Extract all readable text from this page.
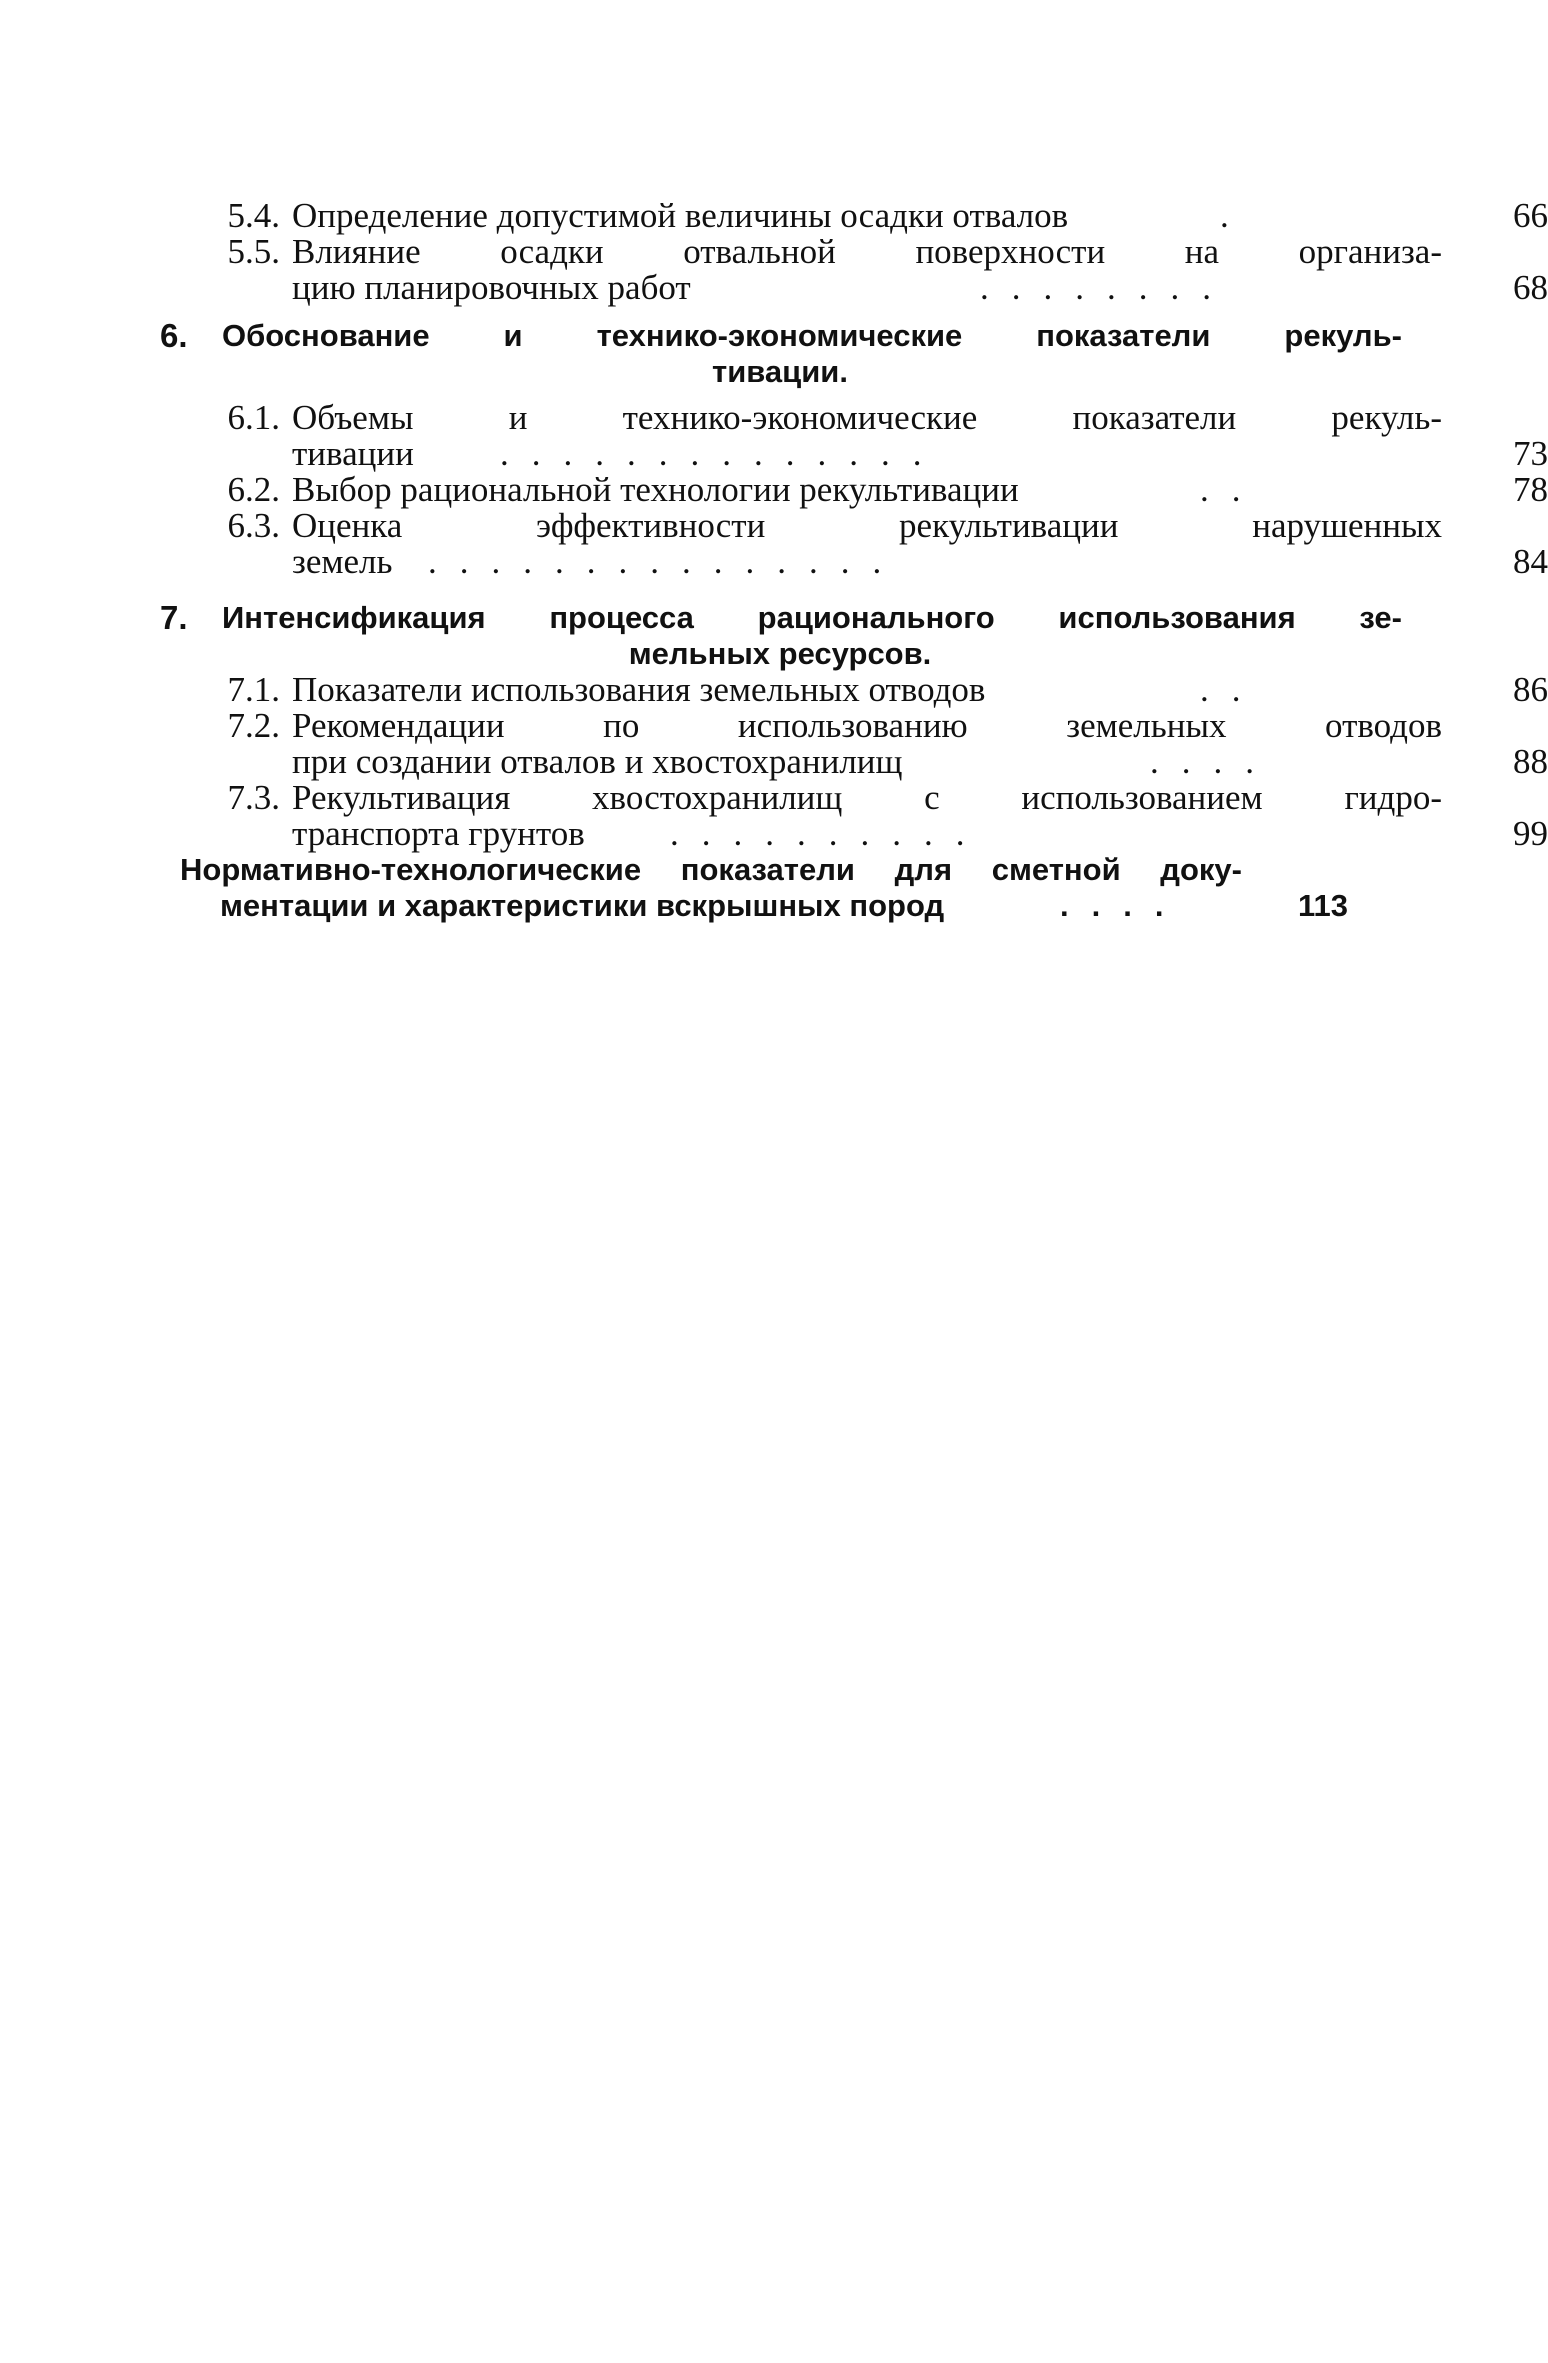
5.4. Определение допустимой величины осадки отвалов	.	66
5.5. Влияние осадки отвальной поверхности на организа-
цию планировочных работ	........	68
6. Обоснование и технико-экономические показатели рекуль-
тивации.
6.1. Объемы и технико-экономические показатели рекуль-
тивации ..............	73
6.2. Выбор рациональной технологии рекультивации	..	78
6.3. Оценка эффективности рекультивации нарушенных
земель ...............	84
7. Интенсификация процесса рационального использования зе-
мельных ресурсов.
7.1. Показатели использования земельных отводов	..	86
7.2. Рекомендации по использованию земельных отводов
при создании отвалов и хвостохранилищ	....	88
7.3. Рекультивация хвостохранилищ с использованием гидро-
транспорта грунтов ..........	99
Нормативно-технологические показатели для сметной доку-
ментации и характеристики вскрышных пород	....	113
